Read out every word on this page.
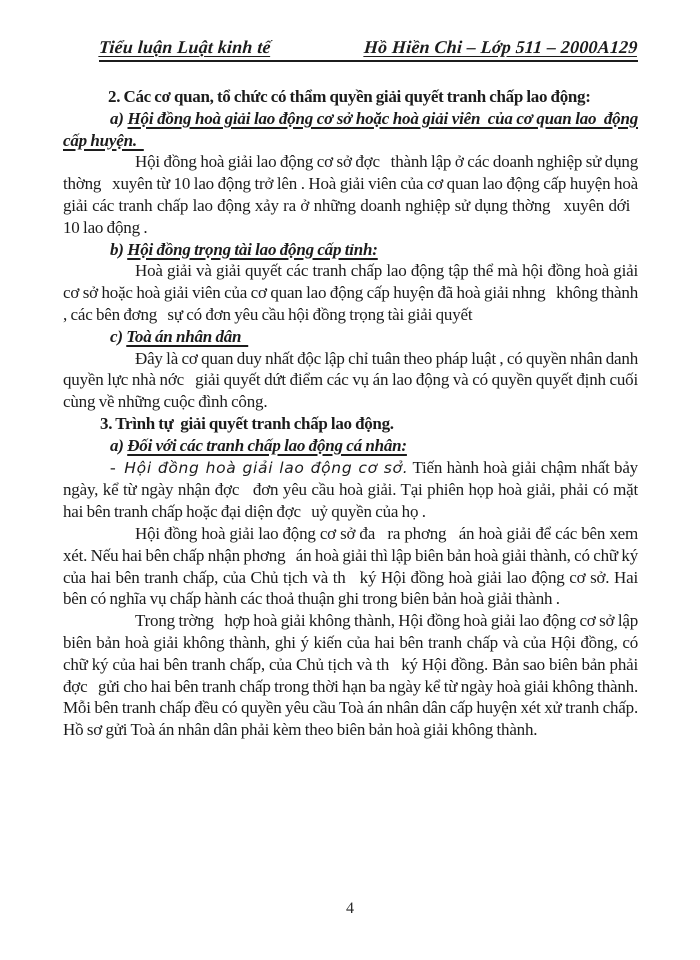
Tiểu luận Luật kinh tế	Hồ Hiền Chi – Lớp 511 – 2000A129

2. Các cơ quan, tổ chức có thẩm quyền giải quyết tranh chấp lao động:

a) Hội đồng hoà giải lao động cơ sở hoặc hoà giải viên  của cơ quan lao  động cấp huyện.

Hội đồng hoà giải lao động cơ sở đợc   thành lập ở các doanh nghiệp sử dụng thờng   xuyên từ 10 lao động trở lên . Hoà giải viên của cơ quan lao động cấp huyện hoà giải các tranh chấp lao động xảy ra ở những doanh nghiệp sử dụng thờng   xuyên dới   10 lao động .

b) Hội đồng trọng tài lao động cấp tỉnh:

Hoà giải và giải quyết các tranh chấp lao động tập thể mà hội đồng hoà giải cơ sở hoặc hoà giải viên của cơ quan lao động cấp huyện đã hoà giải nhng   không thành , các bên đơng   sự có đơn yêu cầu hội đồng trọng tài giải quyết

c) Toà án nhân dân

Đây là cơ quan duy nhất độc lập chỉ tuân theo pháp luật , có quyền nhân danh quyền lực nhà nớc   giải quyết dứt điểm các vụ án lao động và có quyền quyết định cuối cùng về những cuộc đình công.

3. Trình tự  giải quyết tranh chấp lao động.

a) Đối với các tranh chấp lao động cá nhân:

-  Hội đồng hoà giải lao động cơ sở. Tiến hành hoà giải chậm nhất bảy ngày, kể từ ngày nhận đợc   đơn yêu cầu hoà giải. Tại phiên họp hoà giải, phải có mặt hai bên tranh chấp hoặc đại diện đợc   uỷ quyền của họ .

Hội đồng hoà giải lao động cơ sở đa   ra phơng   án hoà giải để các bên xem xét. Nếu hai bên chấp nhận phơng   án hoà giải thì lập biên bản hoà giải thành, có chữ ký của hai bên tranh chấp, của Chủ tịch và th   ký Hội đồng hoà giải lao động cơ sở. Hai bên có nghĩa vụ chấp hành các thoả thuận ghi trong biên bản hoà giải thành .

Trong trờng   hợp hoà giải không thành, Hội đồng hoà giải lao động cơ sở lập biên bản hoà giải không thành, ghi ý kiến của hai bên tranh chấp và của Hội đồng, có chữ ký của hai bên tranh chấp, của Chủ tịch và th   ký Hội đồng. Bản sao biên bản phải đợc   gửi cho hai bên tranh chấp trong thời hạn ba ngày kể từ ngày hoà giải không thành. Mỗi bên tranh chấp đều có quyền yêu cầu Toà án nhân dân cấp huyện xét xử tranh chấp. Hồ sơ gửi Toà án nhân dân phải kèm theo biên bản hoà giải không thành.

4
